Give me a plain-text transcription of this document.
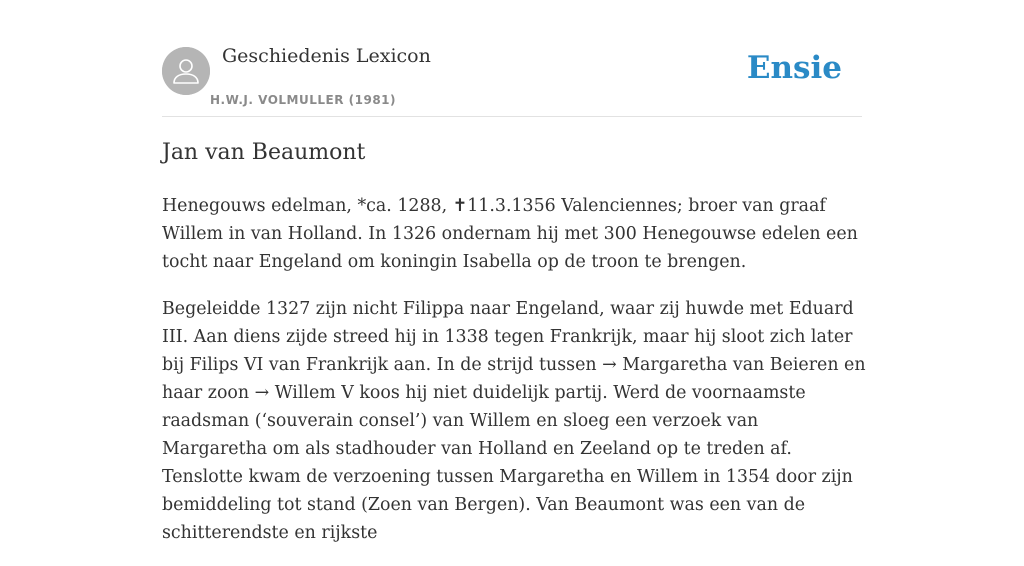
Geschiedenis Lexicon
H.W.J. VOLMULLER (1981)
Ensie
Jan van Beaumont

Henegouws edelman, *ca. 1288, ✝11.3.1356 Valenciennes; broer van graaf Willem in van Holland. In 1326 ondernam hij met 300 Henegouwse edelen een tocht naar Engeland om koningin Isabella op de troon te brengen.

Begeleidde 1327 zijn nicht Filippa naar Engeland, waar zij huwde met Eduard III. Aan diens zijde streed hij in 1338 tegen Frankrijk, maar hij sloot zich later bij Filips VI van Frankrijk aan. In de strijd tussen → Margaretha van Beieren en haar zoon → Willem V koos hij niet duidelijk partij. Werd de voornaamste raadsman (‘souverain consel’) van Willem en sloeg een verzoek van Margaretha om als stadhouder van Holland en Zeeland op te treden af. Tenslotte kwam de verzoening tussen Margaretha en Willem in 1354 door zijn bemiddeling tot stand (Zoen van Bergen). Van Beaumont was een van de schitterendste en rijkste
